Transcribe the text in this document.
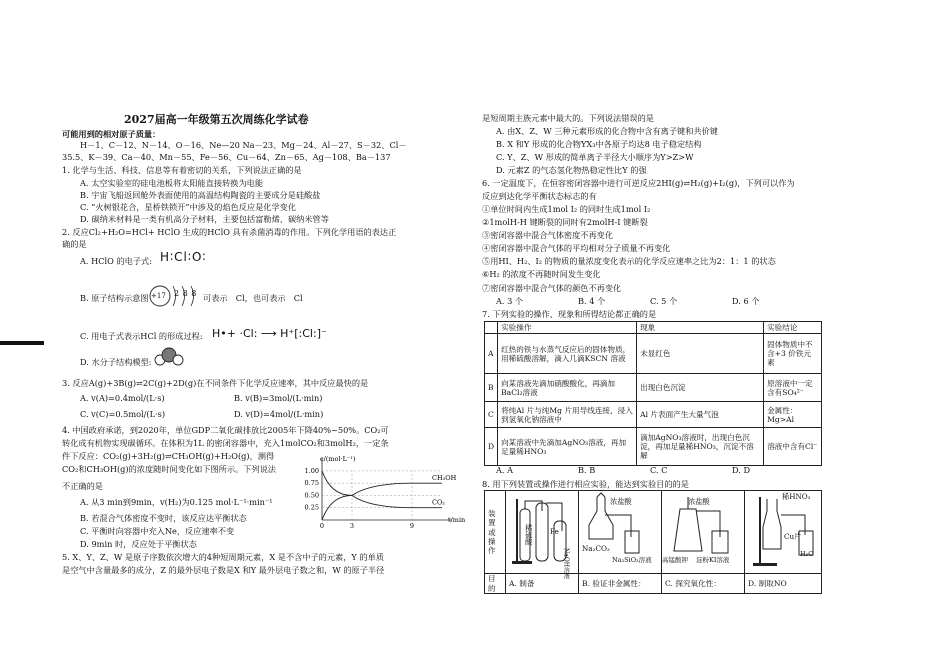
2027届高一年级第五次周练化学试卷
可能用到的相对原子质量：
H－1、C－12、N－14、O－16、Ne—20 Na－23、Mg－24、Al－27、S－32、Cl－
35.5、K－39、Ca－40、Mn－55、Fe－56、Cu－64、Zn－65、Ag－108、Ba－137
1. 化学与生活、科技、信息等有着密切的关系，下列说法正确的是
A. 太空实验室的硅电池板将太阳能直接转换为电能
B. 宇宙飞船返回舱外表面使用的高温结构陶瓷的主要成分是硅酸盐
C. “火树银花合，星桥铁锁开”中涉及的焰色反应是化学变化
D. 碳纳米材料是一类有机高分子材料，主要包括富勒烯、碳纳米管等
2. 反应Cl₂+H₂O=HCl+ HClO 生成的HClO 具有杀菌消毒的作用。下列化学用语的表达正
确的是
A. HClO 的电子式: H∶Cl∶O∶
B. 原子结构示意图 +17 2 8 8 可表示　Cl，也可表示　Cl
C. 用电子式表示HCl 的形成过程: H•+ ·Cl: ⟶ H⁺[:Cl:]⁻
D. 水分子结构模型:
3. 反应A(g)+3B(g)⇌2C(g)+2D(g)在不同条件下化学反应速率，其中反应最快的是
A. v(A)=0.4mol/(L·s)	B. v(B)=3mol/(L·min)
C. v(C)=0.5mol/(L·s)	D. v(D)=4mol/(L·min)
4. 中国政府承诺，到2020年，单位GDP二氧化碳排放比2005年下降40%~50%。CO₂可
转化成有机物实现碳循环。在体积为1L 的密闭容器中，充入1molCO₂和3molH₂，一定条
件下反应：CO₂(g)+3H₂(g)⇌CH₃OH(g)+H₂O(g)，测得
CO₂和CH₃OH(g)的浓度随时间变化如下图所示。下列说法
不正确的是
A. 从3 min到9min，v(H₂)为0.125 mol·L⁻¹·min⁻¹
B. 若混合气体密度不变时，该反应达平衡状态
C. 平衡时向容器中充入Ne，反应速率不变
D. 9min 时，反应处于平衡状态
c/(mol·L⁻¹)
t/min
1.00
0.75
0.50
0.25
0	3	9
CH₃OH
CO₂
5. X、Y、Z、W 是原子序数依次增大的4种短周期元素，X 是不含中子的元素，Y 的单质
是空气中含量最多的成分，Z 的最外层电子数是X 和Y 最外层电子数之和，W 的原子半径
是短周期主族元素中最大的。下列说法错误的是
A. 由X、Z、W 三种元素形成的化合物中含有离子键和共价键
B. X 和Y 形成的化合物YX₃中各原子均达8 电子稳定结构
C. Y、Z、W 形成的简单离子半径大小顺序为Y>Z>W
D. 元素Z 的气态氢化物热稳定性比Y 的强
6. 一定温度下，在恒容密闭容器中进行可逆反应2HI(g)⇌H₂(g)+I₂(g)，下列可以作为
反应到达化学平衡状态标志的有
①单位时间内生成1mol I₂ 的同时生成1mol I₂
②1molH-H 键断裂的同时有2molH-I 键断裂
③密闭容器中混合气体密度不再变化
④密闭容器中混合气体的平均相对分子质量不再变化
⑤用HI、H₂、I₂ 的物质的量浓度变化表示的化学反应速率之比为2：1：1 的状态
⑥H₂ 的浓度不再随时间发生变化
⑦密闭容器中混合气体的颜色不再变化
A. 3 个	B. 4 个	C. 5 个	D. 6 个
7. 下列实验的操作、现象和所得结论都正确的是
	实验操作	现象	实验结论
A	红热的铁与水蒸气反应后的固体物质，用稀硫酸溶解，滴入几滴KSCN 溶液	未显红色	固体物质中不含+3 价铁元素
B	向某溶液先滴加硝酸酸化，再滴加BaCl₂溶液	出现白色沉淀	原溶液中一定含有SO₄²⁻
C	将纯Al 片与纯Mg 片用导线连接，浸入到氢氧化钠溶液中	Al 片表面产生大量气泡	金属性：Mg>Al
D	向某溶液中先滴加AgNO₃溶液，再加足量稀HNO₃	滴加AgNO₃溶液时，出现白色沉淀，再加足量稀HNO₃，沉淀不溶解	溶液中含有Cl⁻
A. A	B. B	C. C	D. D
8. 用下列装置或操作进行相应实验，能达到实验目的的是
装置或操作				
目的	A. 制备	B. 验证非金属性：	C. 探究氧化性：	D. 制取NO
稀硫酸 Fe
NaOH溶液
浓盐酸
Na₂CO₃
Na₂SiO₃溶液
浓盐酸
高锰酸钾 淀粉KI溶液
稀HNO₃
Cu片
H₂O
